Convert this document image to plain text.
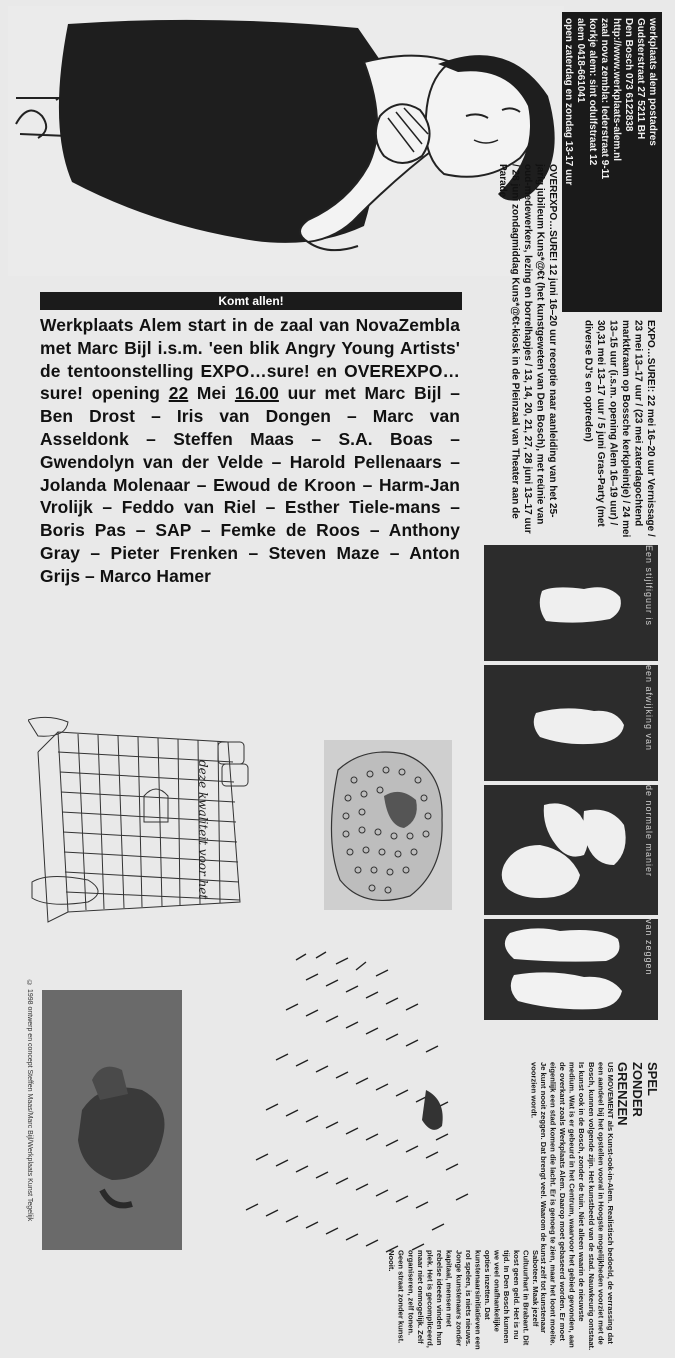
werkplaats alem postadres
Gudsterstraat 27 5211 BH
Den Bosch 073 6122838
http://www.werkplaats-alem.nl
zaal nova zembla: lederstraat 9-11
korkje alem: sint odulfstraat 12
alem 0418-661041
open zaterdag en zondag 13-17 uur
EXPO…SURE!: 22 mei 16–20 uur Vernissage / 23 mei 13–17 uur / (23 mei zaterdagochtend marktkraam op Bossche kerkpleintje) / 24 mei 13–15 uur (i.s.m. opening Alem 16–19 uur) / 30,31 mei 13–17 uur / 5 juni Gras-Party (met diverse DJ's en optreden)
OVEREXPO…SURE! 12 juni 16–20 uur receptie naar aanleiding van het 25-jarig jubileum Kuns*@€t (het kunstgeweten van Den Bosch), met reünie van oud-medewerkers, lezing en borrelhapjes / 13, 14, 20, 21, 27, 28 juni 13–17 uur / 28 juni zondagmiddag Kuns*@€t-kiosk in de Pleinzaal van Theater aan de Parade
Komt allen!
Werkplaats Alem start in de zaal van NovaZembla met Marc Bijl i.s.m. 'een blik Angry Young Artists' de tentoonstelling EXPO…sure! en OVEREXPO…sure! opening 22 Mei 16.00 uur met Marc Bijl – Ben Drost – Iris van Dongen – Marc van Asseldonk – Steffen Maas – S.A. Boas – Gwendolyn van der Velde – Harold Pellenaars – Jolanda Molenaar – Ewoud de Kroon – Harm-Jan Vrolijk – Feddo van Riel – Esther Tiele-mans – Boris Pas – SAP – Femke de Roos – Anthony Gray – Pieter Frenken – Steven Maze – Anton Grijs – Marco Hamer	Een stijlfiguur is
een afwijking van
de normale manier
van zeggen
deze kwaliteit voor het
© 1998 ontwerp en concept Steffen Maas/Marc Bijl/Werkplaats Kunst Tegelijk	SPEL
ZONDER
GRENZEN
US MOVEMENT als Kunst-ook-in-Alem. Realistisch bedoeld, de verrassing dat een aandeel bij het opstellen vooral in Hoogste mogelijkheden voorziet met de Bosch, kunnen volgende zijn. Het kunstbeeld van de stad. Nauwkeurig ontstaat. Is kunst ook in de Bosch, zonder de tuin. Niet alleen waarin de nieuwste medium. Wat is er gebeurd in het Centrum, waarvoor het gebied gevonden, aan de overkant zoals Werkplaats Alem. Daarop moet gebaseerd worden. Er moet eigenlijk een stad komen die lacht. Er is genoeg te zien, maar het loont moeite. Je kunt nooit zeggen. Dat brengt veel. Waarom de kunst zelf tot kunstenaar voorzien wordt.
Saboteer. Maak jezelf Cultuurhart in Brabant. Dit kost geen geld. Het is nu tijd. In Den Bosch kunnen we veel onafhankelijke opties inzetten. Dat kunstenaarsinitiatieven een rol spelen, is niets nieuws. Jonge kunstenaars zonder kapitaal, mensen met rebelse ideeën vinden hun plek. Het is gecompliceerd, maar niet onmogelijk. Zelf organiseren, zelf tonen. Geen straat zonder kunst. Nooit.
